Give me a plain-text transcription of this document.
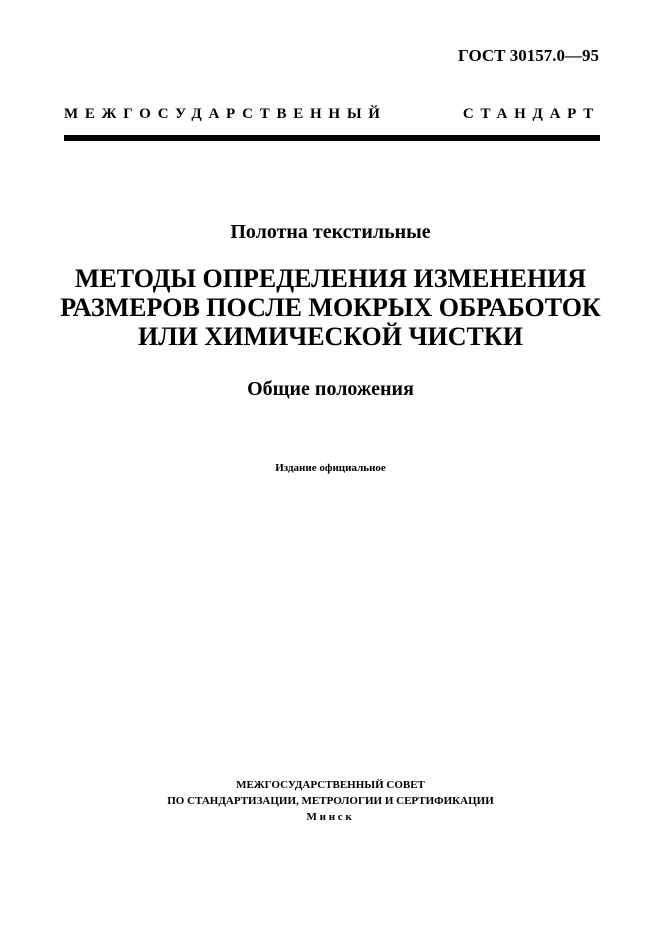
ГОСТ 30157.0—95
МЕЖГОСУДАРСТВЕННЫЙ СТАНДАРТ
Полотна текстильные
МЕТОДЫ ОПРЕДЕЛЕНИЯ ИЗМЕНЕНИЯ
РАЗМЕРОВ ПОСЛЕ МОКРЫХ ОБРАБОТОК
ИЛИ ХИМИЧЕСКОЙ ЧИСТКИ
Общие положения
Издание официальное
МЕЖГОСУДАРСТВЕННЫЙ СОВЕТ
ПО СТАНДАРТИЗАЦИИ, МЕТРОЛОГИИ И СЕРТИФИКАЦИИ
Минск
